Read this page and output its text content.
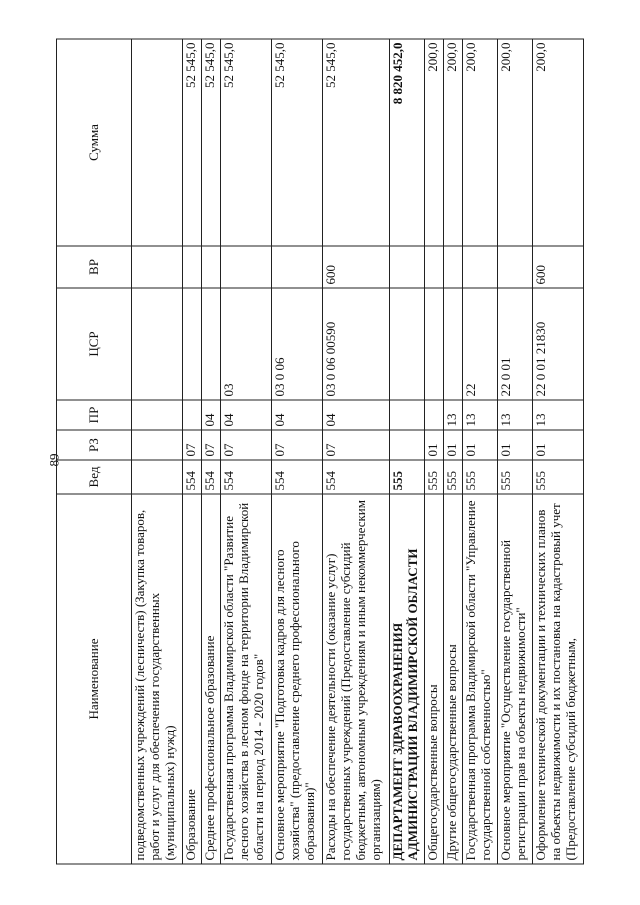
89
Наименование	Вед	РЗ	ПР	ЦСР	ВР	Сумма
подведомственных учреждений (лесничеств) (Закупка товаров, работ и услуг для обеспечения государственных (муниципальных) нужд)						
Образование	554	07				52 545,0
Среднее профессиональное образование	554	07	04			52 545,0
Государственная программа Владимирской области "Развитие лесного хозяйства в лесном фонде на территории Владимирской области на период 2014 - 2020 годов"	554	07	04	03		52 545,0
Основное мероприятие "Подготовка кадров для лесного хозяйства" (предоставление среднего профессионального образования)"	554	07	04	03 0 06		52 545,0
Расходы на обеспечение деятельности (оказание услуг) государственных учреждений (Предоставление субсидий бюджетным, автономным учреждениям и иным некоммерческим организациям)	554	07	04	03 0 06 00590	600	52 545,0
ДЕПАРТАМЕНТ ЗДРАВООХРАНЕНИЯ АДМИНИСТРАЦИИ ВЛАДИМИРСКОЙ ОБЛАСТИ	555					8 820 452,0
Общегосударственные вопросы	555	01				200,0
Другие общегосударственные вопросы	555	01	13			200,0
Государственная программа Владимирской области "Управление государственной собственностью"	555	01	13	22		200,0
Основное мероприятие "Осуществление государственной регистрации прав на объекты недвижимости"	555	01	13	22 0 01		200,0
Оформление технической документации и технических планов на объекты недвижимости и их постановка на кадастровый учет (Предоставление субсидий бюджетным,	555	01	13	22 0 01 21830	600	200,0
